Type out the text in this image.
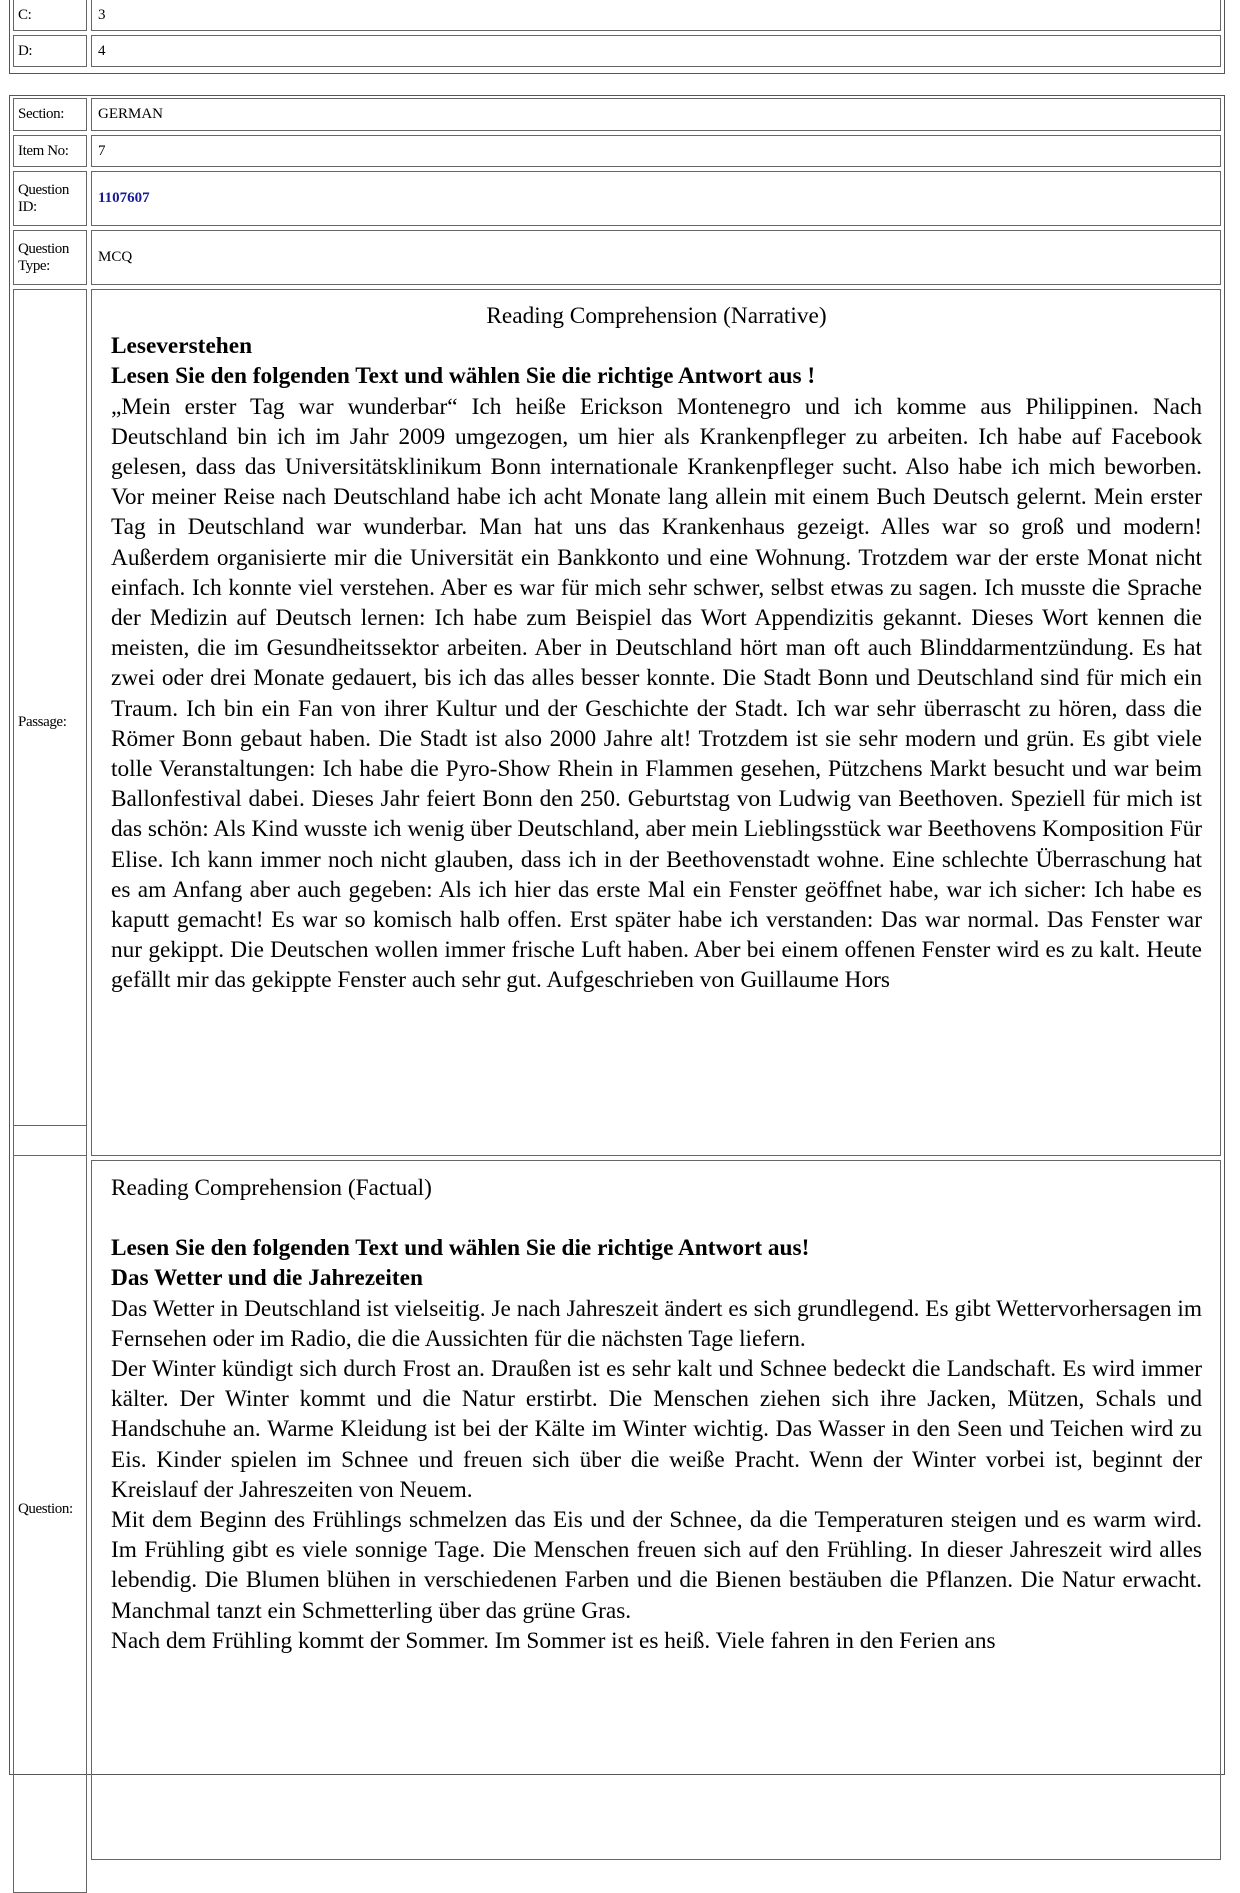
C:	3
D:	4
Section:	GERMAN
Item No:	7
Question ID:
1107607
Question Type:
MCQ
Passage:
Reading Comprehension (Narrative)
Leseverstehen
Lesen Sie den folgenden Text und wählen Sie die richtige Antwort aus !

„Mein erster Tag war wunderbar“ Ich heiße Erickson Montenegro und ich komme aus Philippinen. Nach Deutschland bin ich im Jahr 2009 umgezogen, um hier als Krankenpfleger zu arbeiten. Ich habe auf Facebook gelesen, dass das Universitätsklinikum Bonn internationale Krankenpfleger sucht. Also habe ich mich beworben. Vor meiner Reise nach Deutschland habe ich acht Monate lang allein mit einem Buch Deutsch gelernt. Mein erster Tag in Deutschland war wunderbar. Man hat uns das Krankenhaus gezeigt. Alles war so groß und modern! Außerdem organisierte mir die Universität ein Bankkonto und eine Wohnung. Trotzdem war der erste Monat nicht einfach. Ich konnte viel verstehen. Aber es war für mich sehr schwer, selbst etwas zu sagen. Ich musste die Sprache der Medizin auf Deutsch lernen: Ich habe zum Beispiel das Wort Appendizitis gekannt. Dieses Wort kennen die meisten, die im Gesundheitssektor arbeiten. Aber in Deutschland hört man oft auch Blinddarmentzündung. Es hat zwei oder drei Monate gedauert, bis ich das alles besser konnte. Die Stadt Bonn und Deutschland sind für mich ein Traum. Ich bin ein Fan von ihrer Kultur und der Geschichte der Stadt. Ich war sehr überrascht zu hören, dass die Römer Bonn gebaut haben. Die Stadt ist also 2000 Jahre alt! Trotzdem ist sie sehr modern und grün. Es gibt viele tolle Veranstaltungen: Ich habe die Pyro-Show Rhein in Flammen gesehen, Pützchens Markt besucht und war beim Ballonfestival dabei. Dieses Jahr feiert Bonn den 250. Geburtstag von Ludwig van Beethoven. Speziell für mich ist das schön: Als Kind wusste ich wenig über Deutschland, aber mein Lieblingsstück war Beethovens Komposition Für Elise. Ich kann immer noch nicht glauben, dass ich in der Beethovenstadt wohne. Eine schlechte Überraschung hat es am Anfang aber auch gegeben: Als ich hier das erste Mal ein Fenster geöffnet habe, war ich sicher: Ich habe es kaputt gemacht! Es war so komisch halb offen. Erst später habe ich verstanden: Das war normal. Das Fenster war nur gekippt. Die Deutschen wollen immer frische Luft haben. Aber bei einem offenen Fenster wird es zu kalt. Heute gefällt mir das gekippte Fenster auch sehr gut. Aufgeschrieben von Guillaume Hors

Question:
Reading Comprehension (Factual)
Lesen Sie den folgenden Text und wählen Sie die richtige Antwort aus!
Das Wetter und die Jahrezeiten

Das Wetter in Deutschland ist vielseitig. Je nach Jahreszeit ändert es sich grundlegend. Es gibt Wettervorhersagen im Fernsehen oder im Radio, die die Aussichten für die nächsten Tage liefern.

Der Winter kündigt sich durch Frost an. Draußen ist es sehr kalt und Schnee bedeckt die Landschaft. Es wird immer kälter. Der Winter kommt und die Natur erstirbt. Die Menschen ziehen sich ihre Jacken, Mützen, Schals und Handschuhe an. Warme Kleidung ist bei der Kälte im Winter wichtig. Das Wasser in den Seen und Teichen wird zu Eis. Kinder spielen im Schnee und freuen sich über die weiße Pracht. Wenn der Winter vorbei ist, beginnt der Kreislauf der Jahreszeiten von Neuem.

Mit dem Beginn des Frühlings schmelzen das Eis und der Schnee, da die Temperaturen steigen und es warm wird. Im Frühling gibt es viele sonnige Tage. Die Menschen freuen sich auf den Frühling. In dieser Jahreszeit wird alles lebendig. Die Blumen blühen in verschiedenen Farben und die Bienen bestäuben die Pflanzen. Die Natur erwacht. Manchmal tanzt ein Schmetterling über das grüne Gras.

Nach dem Frühling kommt der Sommer. Im Sommer ist es heiß. Viele fahren in den Ferien ans
